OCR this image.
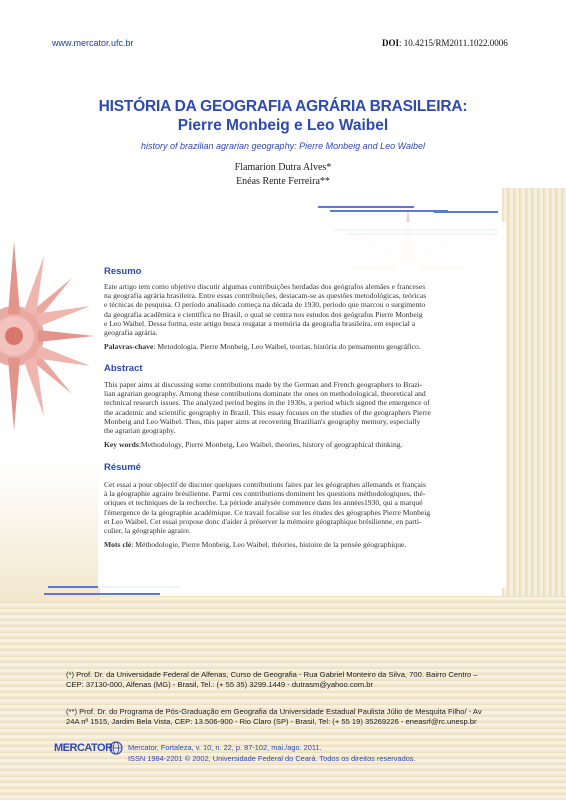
www.mercator.ufc.br	DOI: 10.4215/RM2011.1022.0006
HISTÓRIA DA GEOGRAFIA AGRÁRIA BRASILEIRA:
Pierre Monbeig e Leo Waibel
history of brazilian agrarian geography: Pierre Monbeig and Leo Waibel
Flamarion Dutra Alves*
Enéas Rente Ferreira**
Resumo
Este artigo tem como objetivo discutir algumas contribuições herdadas dos geógrafos alemães e franceses
na geografia agrária brasileira. Entre essas contribuições, destacam-se as questões metodológicas, teóricas
e técnicas de pesquisa. O período analisado começa na década de 1930, período que marcou o surgimento
da geografia acadêmica e científica no Brasil, o qual se centra nos estudos dos geógrafos Pierre Monbeig
e Leo Waibel. Dessa forma, este artigo busca resgatar a memória da geografia brasileira, em especial a
geografia agrária.
Palavras-chave: Metodologia, Pierre Monbeig, Leo Waibel, teorias, história do pensamento geográfico.
Abstract
This paper aims at discussing some contributions made by the German and French geographers to Brazi-
lian agrarian geography. Among these contributions dominate the ones on methodological, theoretical and
technical research issues. The analyzed period begins in the 1930s, a period which signed the emergence of
the academic and scientific geography in Brazil. This essay focuses on the studies of the geographers Pierre
Monbeig and Leo Waibel. Thus, this paper aims at recovering Brazilian's geography memory, especially
the agrarian geography.
Key words:Methodology, Pierre Monbeig, Leo Waibel, theories, history of geographical thinking.
Résumé
Cet essai a pour objectif de discuter quelques contributions faites par les géographes allemands et français
à la géographie agraire brésilienne. Parmi ces contributions dominent les questions méthodologiques, thé-
oriques et techniques de la recherche. La période analysée commence dans les années1930, qui a marqué
l'émergence de la géographie académique. Ce travail focalise sur les études des géographes Pierre Monbeig
et Leo Waibel. Cet essai propose donc d'aider à préserver la mémoire géographique brésilienne, en parti-
culier, la géographie agraire.
Mots clé: Méthodologie, Pierre Monbeig, Leo Waibel, théories, histoire de la pensée géographique.
(*) Prof. Dr. da Universidade Federal de Alfenas, Curso de Geografia - Rua Gabriel Monteiro da Silva, 700. Bairro Centro –
CEP: 37130-000, Alfenas (MG) - Brasil, Tel.: (+ 55 35) 3299.1449 - dutrasm@yahoo.com.br
(**) Prof. Dr. do Programa de Pós-Graduação em Geografia da Universidade Estadual Paulista Júlio de Mesquita Filho/ - Av
24A nº 1515, Jardim Bela Vista, CEP: 13.506-900 - Rio Claro (SP) - Brasil, Tel: (+ 55 19) 35269226 - eneasrf@rc.unesp.br
MERCATOR Mercator, Fortaleza, v. 10, n. 22, p. 87-102, mai./ago. 2011.
ISSN 1984-2201 © 2002, Universidade Federal do Ceará. Todos os direitos reservados.
